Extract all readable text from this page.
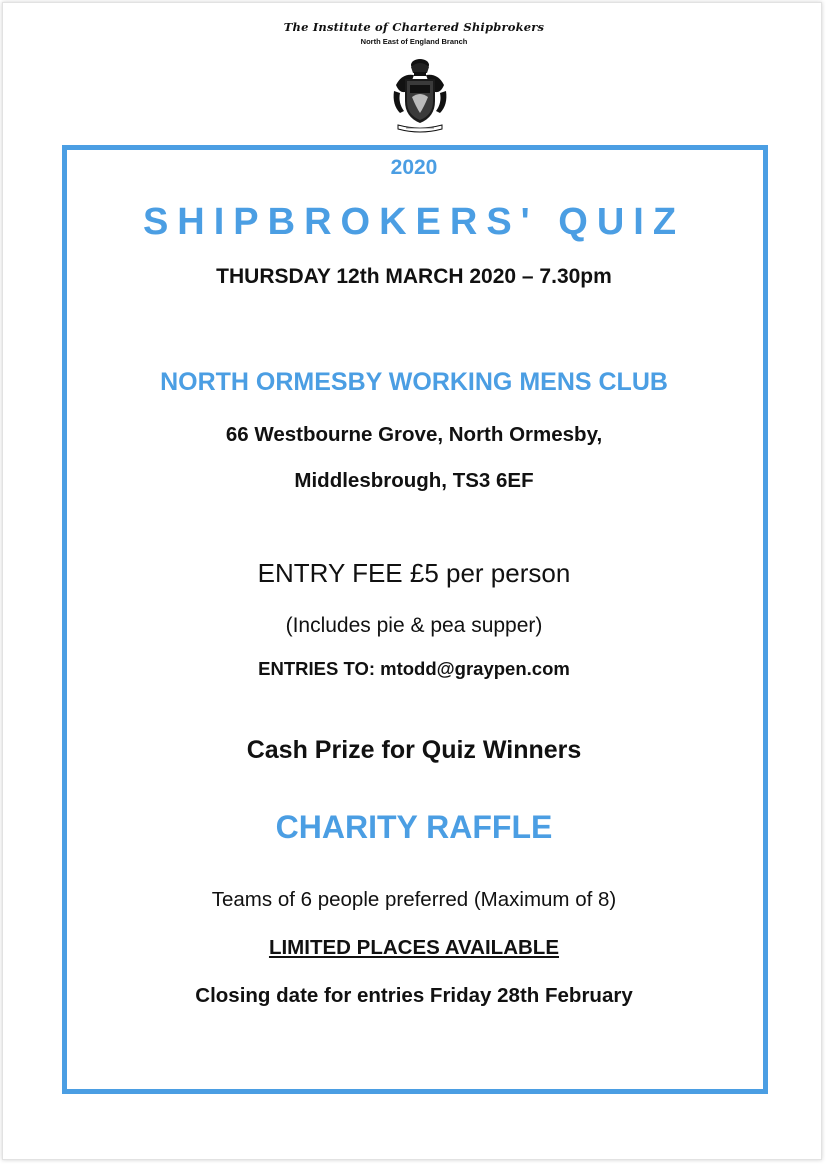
The Institute of Chartered Shipbrokers
North East of England Branch
2020
SHIPBROKERS' QUIZ
THURSDAY 12th MARCH 2020 – 7.30pm
NORTH ORMESBY WORKING MENS CLUB
66 Westbourne Grove, North Ormesby,
Middlesbrough, TS3 6EF
ENTRY FEE £5 per person
(Includes pie & pea supper)
ENTRIES TO: mtodd@graypen.com
Cash Prize for Quiz Winners
CHARITY RAFFLE
Teams of 6 people preferred (Maximum of 8)
LIMITED PLACES AVAILABLE
Closing date for entries Friday 28th February
